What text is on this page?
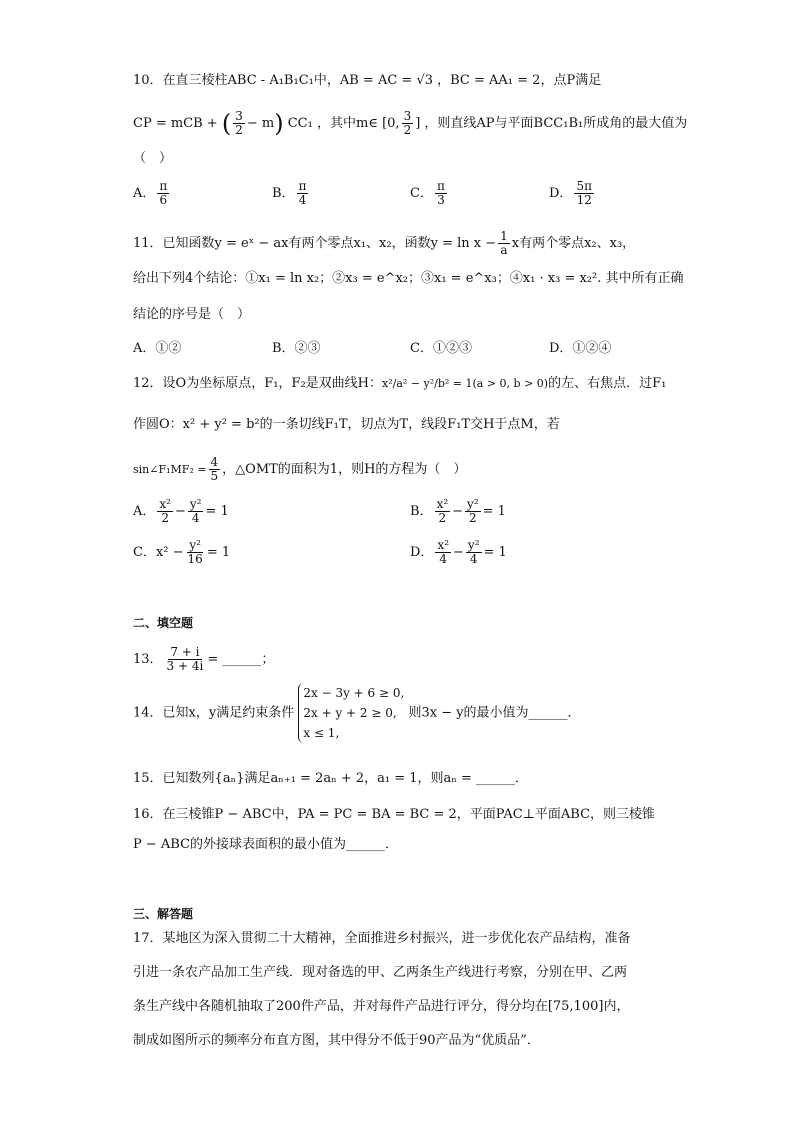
10．在直三棱柱ABC - A₁B₁C₁中，AB = AC = √3 ，BC = AA₁ = 2，点P满足
CP = mCB + ( $\frac{3}{2} - m$) CC₁ ，其中m∈ [0, $\frac{3}{2}$ ] ，则直线AP与平面BCC₁B₁所成角的最大值为
（　）
A． $\frac{\pi}{6}$	B． $\frac{\pi}{4}$	C． $\frac{\pi}{3}$	D． $\frac{5\pi}{12}$
11．已知函数y = eˣ − ax有两个零点x₁、x₂，函数$y = \ln x - \frac{1}{a}$ x有两个零点x₂、x₃，
给出下列4个结论：①x₁ = ln x₂；②x₃ = e^x₂；③x₁ = e^x₃；④x₁ · x₃ = x₂². 其中所有正确
结论的序号是（　）
A．①②	B．②③	C．①②③	D．①②④
12．设O为坐标原点，F₁，F₂是双曲线H：x²/a² − y²/b² = 1(a > 0, b > 0)的左、右焦点．过F₁
作圆O：x² + y² = b²的一条切线F₁T，切点为T，线段F₁T交H于点M，若
sin∠F₁MF₂ = $\frac{4}{5}$ ，△OMT的面积为1，则H的方程为（　）
A． $\frac{\text{x²}}{2} - \frac{\text{y²}}{4} = 1$	B． $\frac{\text{x²}}{2} - \frac{\text{y²}}{2} = 1$
C．$x^2 - \frac{\text{y²}}{16} = 1$	D． $\frac{\text{x²}}{4} - \frac{\text{y²}}{4} = 1$
二、填空题
13． $\frac{7 + i}{3 + 4i}$ = ______；
14．已知x，y满足约束条件
2x − 3y + 6 ≥ 0,
2x + y + 2 ≥ 0,
x ≤ 1,
则3x − y的最小值为______．
15．已知数列{aₙ}满足aₙ₊₁ = 2aₙ + 2，a₁ = 1，则aₙ = ______．
16．在三棱锥P − ABC中，PA = PC = BA = BC = 2，平面PAC⊥平面ABC，则三棱锥
P − ABC的外接球表面积的最小值为______．
三、解答题
17．某地区为深入贯彻二十大精神，全面推进乡村振兴，进一步优化农产品结构，准备
引进一条农产品加工生产线．现对备选的甲、乙两条生产线进行考察，分别在甲、乙两
条生产线中各随机抽取了200件产品，并对每件产品进行评分，得分均在[75,100]内，
制成如图所示的频率分布直方图，其中得分不低于90产品为“优质品”．
